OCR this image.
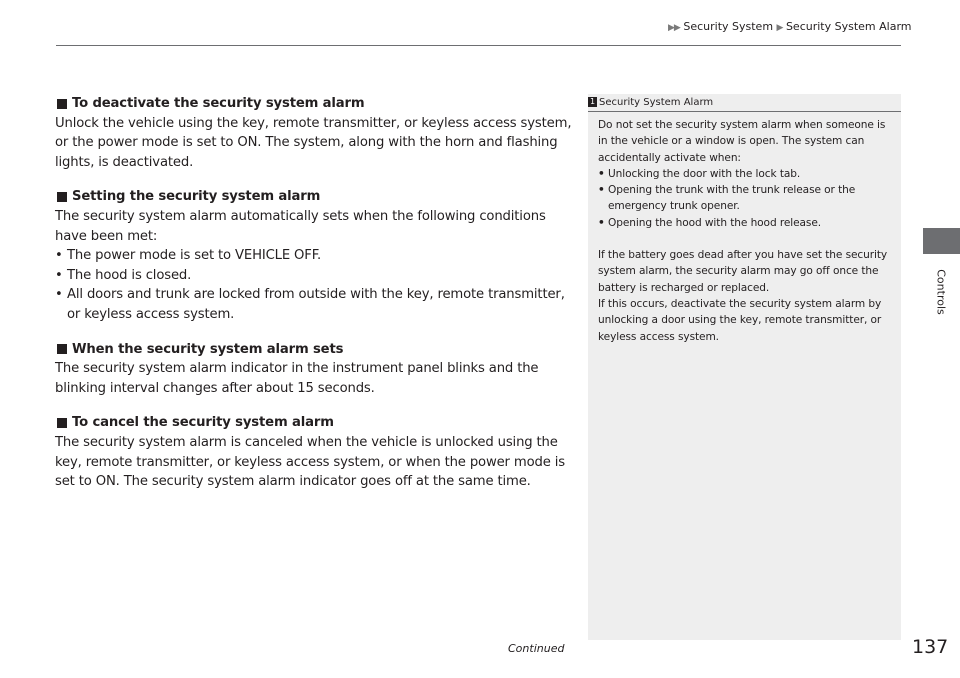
▶▶ Security System ▶ Security System Alarm
Controls
To deactivate the security system alarm

Unlock the vehicle using the key, remote transmitter, or keyless access system, or the power mode is set to ON. The system, along with the horn and flashing lights, is deactivated.

Setting the security system alarm

The security system alarm automatically sets when the following conditions have been met:

• The power mode is set to VEHICLE OFF.
• The hood is closed.
• All doors and trunk are locked from outside with the key, remote transmitter, or keyless access system.
When the security system alarm sets

The security system alarm indicator in the instrument panel blinks and the blinking interval changes after about 15 seconds.

To cancel the security system alarm

The security system alarm is canceled when the vehicle is unlocked using the key, remote transmitter, or keyless access system, or when the power mode is set to ON. The security system alarm indicator goes off at the same time.

1 Security System Alarm

Do not set the security system alarm when someone is in the vehicle or a window is open. The system can accidentally activate when:

• Unlocking the door with the lock tab.
• Opening the trunk with the trunk release or the emergency trunk opener.
• Opening the hood with the hood release.

If the battery goes dead after you have set the security system alarm, the security alarm may go off once the battery is recharged or replaced.

If this occurs, deactivate the security system alarm by unlocking a door using the key, remote transmitter, or keyless access system.

Continued	137
